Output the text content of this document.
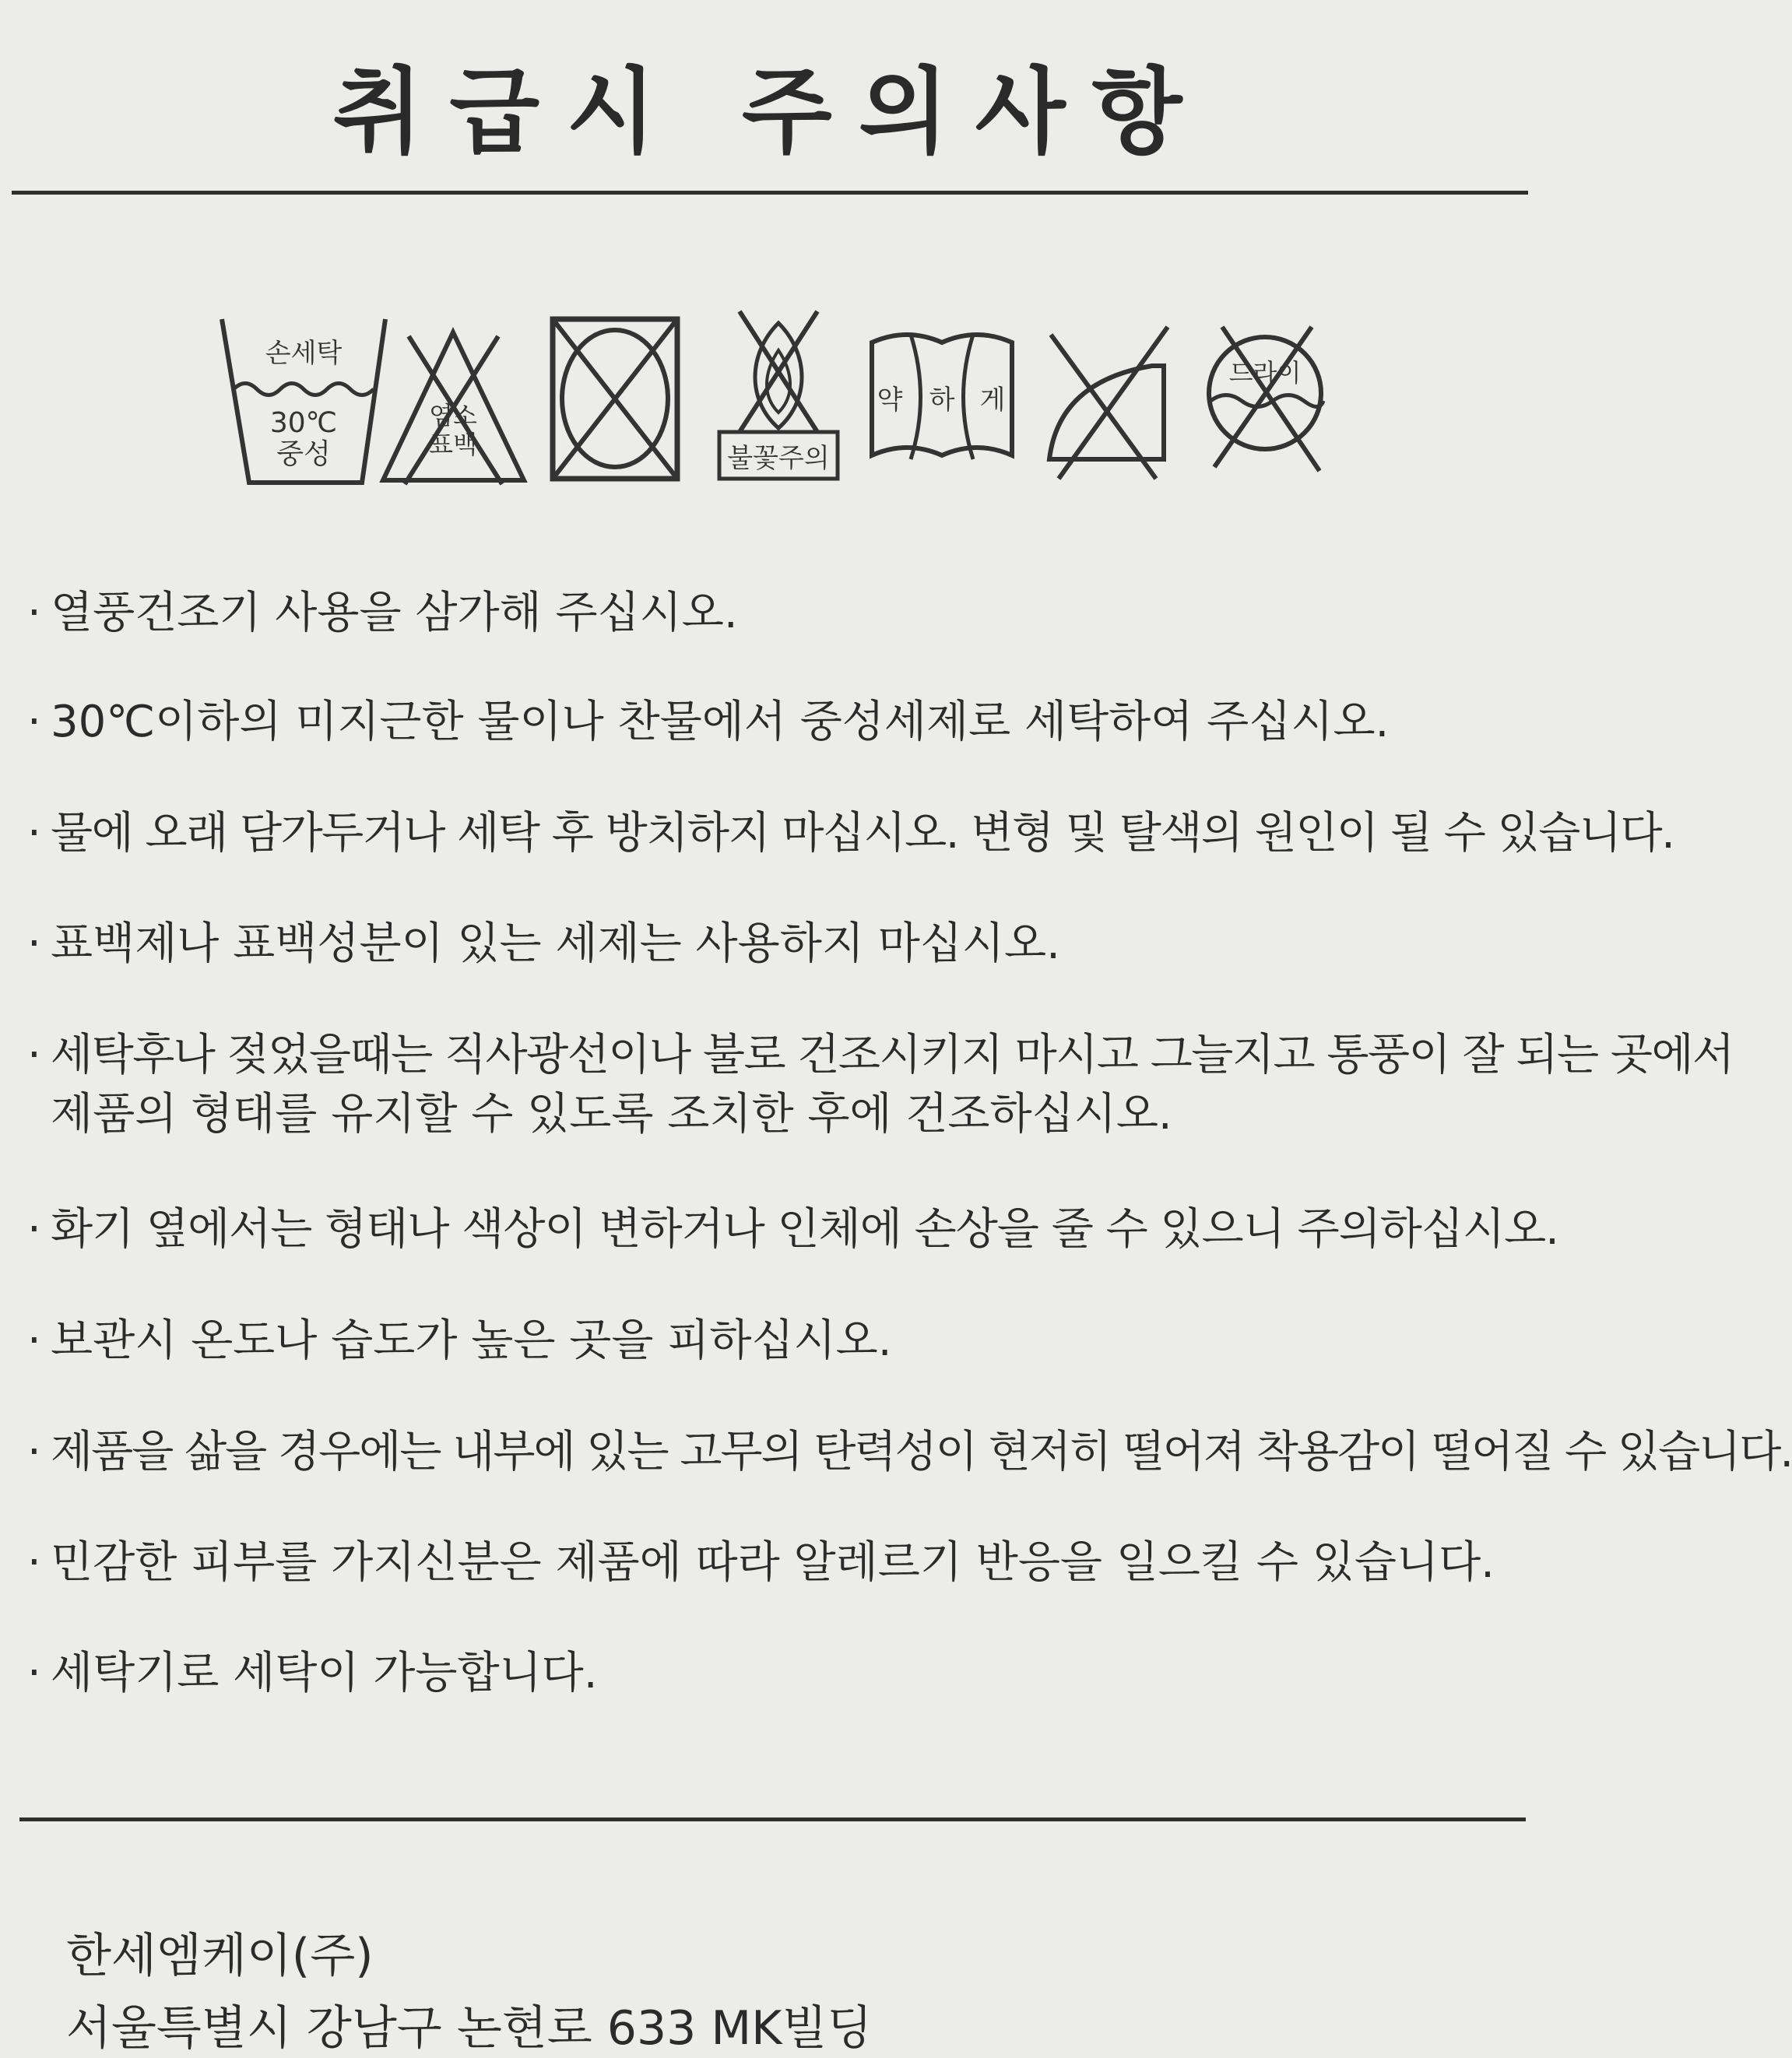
취급시 주의사항
손세탁
30℃
중성
염소
표백	불꽃주의
약 하 게
드라이
· 열풍건조기 사용을 삼가해 주십시오.
· 30℃이하의 미지근한 물이나 찬물에서 중성세제로 세탁하여 주십시오.
· 물에 오래 담가두거나 세탁 후 방치하지 마십시오. 변형 및 탈색의 원인이 될 수 있습니다.
· 표백제나 표백성분이 있는 세제는 사용하지 마십시오.
· 세탁후나 젖었을때는 직사광선이나 불로 건조시키지 마시고 그늘지고 통풍이 잘 되는 곳에서
제품의 형태를 유지할 수 있도록 조치한 후에 건조하십시오.
· 화기 옆에서는 형태나 색상이 변하거나 인체에 손상을 줄 수 있으니 주의하십시오.
· 보관시 온도나 습도가 높은 곳을 피하십시오.
· 제품을 삶을 경우에는 내부에 있는 고무의 탄력성이 현저히 떨어져 착용감이 떨어질 수 있습니다.
· 민감한 피부를 가지신분은 제품에 따라 알레르기 반응을 일으킬 수 있습니다.
· 세탁기로 세탁이 가능합니다.
한세엠케이(주)
서울특별시 강남구 논현로 633 MK빌딩
